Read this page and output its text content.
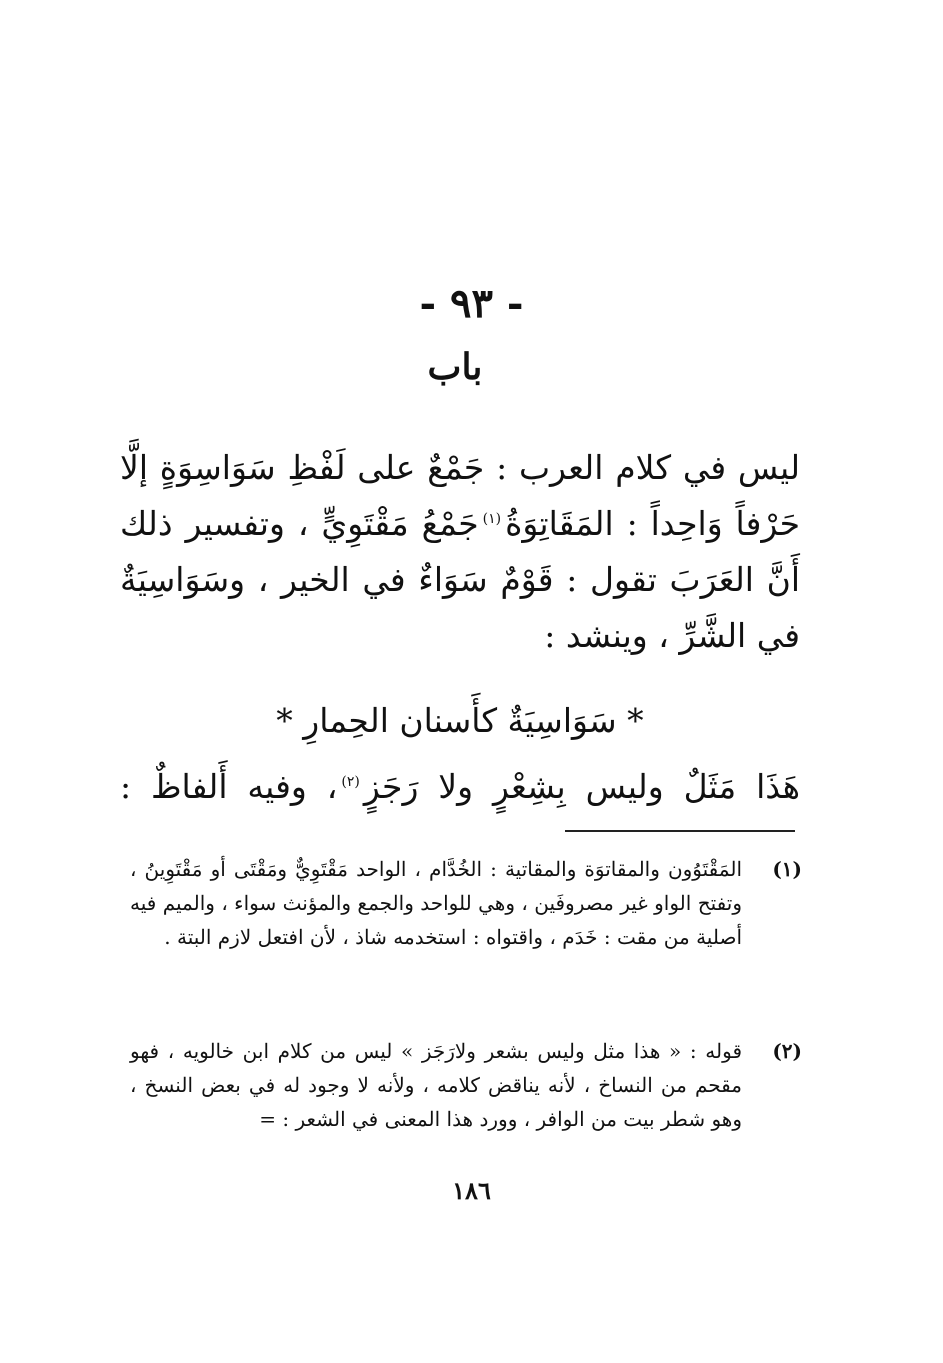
- ٩٣ -
باب

ليس في كلام العرب : جَمْعٌ على لَفْظِ سَوَاسِوَةٍ إلَّا حَرْفاً وَاحِداً : المَقَاتِوَةُ$^{(١)}$جَمْعُ مَقْتَوِيٍّ ، وتفسير ذلك أَنَّ العَرَبَ تقول : قَوْمٌ سَوَاءٌ في الخير ، وسَوَاسِيَةٌ في الشَّرِّ ، وينشد :

* سَوَاسِيَةٌ كأَسنان الحِمارِ *
هَذَا مَثَلٌ وليس بِشِعْرٍ ولا رَجَزٍ$^{(٢)}$، وفيه أَلفاظٌ :
(١)
المَقْتَوُون والمقاتوَة والمقاتية : الخُدَّام ، الواحد مَقْتَوِيٌّ ومَقْتَى أو مَقْتَوِينُ ، وتفتح الواو غير مصروفَين ، وهي للواحد والجمع والمؤنث سواء ، والميم فيه أصلية من مقت : خَدَم ، واقتواه : استخدمه شاذ ، لأن افتعل لازم البتة .
(٢)
قوله : « هذا مثل وليس بشعر ولارَجَز » ليس من كلام ابن خالويه ، فهو مقحم من النساخ ، لأنه يناقض كلامه ، ولأنه لا وجود له في بعض النسخ ، وهو شطر بيت من الوافر ، وورد هذا المعنى في الشعر : =
١٨٦
